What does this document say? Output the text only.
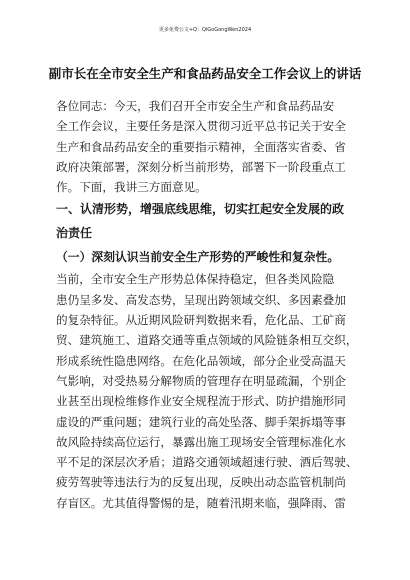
更多免费公文+Q：QiGoGongWen2024
副市长在全市安全生产和食品药品安全工作会议上的讲话
各位同志：今天，我们召开全市安全生产和食品药品安
全工作会议，主要任务是深入贯彻习近平总书记关于安全
生产和食品药品安全的重要指示精神，全面落实省委、省
政府决策部署，深刻分析当前形势，部署下一阶段重点工
作。下面，我讲三方面意见。
一、认清形势，增强底线思维，切实扛起安全发展的政
治责任
（一）深刻认识当前安全生产形势的严峻性和复杂性。
当前，全市安全生产形势总体保持稳定，但各类风险隐
患仍呈多发、高发态势，呈现出跨领域交织、多因素叠加
的复杂特征。从近期风险研判数据来看，危化品、工矿商
贸、建筑施工、道路交通等重点领域的风险链条相互交织，
形成系统性隐患网络。在危化品领域，部分企业受高温天
气影响，对受热易分解物质的管理存在明显疏漏，个别企
业甚至出现检维修作业安全规程流于形式、防护措施形同
虚设的严重问题；建筑行业的高处坠落、脚手架拆塌等事
故风险持续高位运行，暴露出施工现场安全管理标准化水
平不足的深层次矛盾；道路交通领域超速行驶、酒后驾驶、
疲劳驾驶等违法行为的反复出现，反映出动态监管机制尚
存盲区。尤其值得警惕的是，随着汛期来临，强降雨、雷
